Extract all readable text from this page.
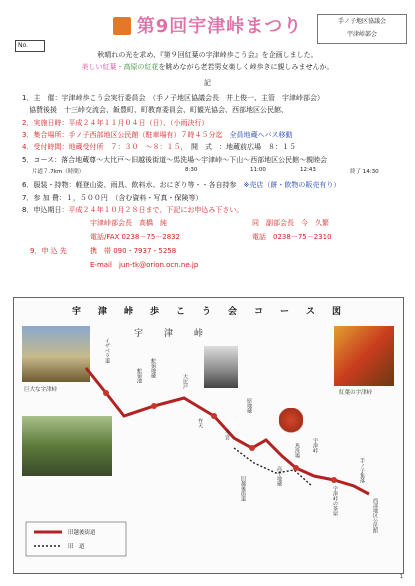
第9回宇津峠まつり	手ノ子地区協議会
宇津峠部会
No.
秋晴れの光を求め、『第９回紅葉の宇津峠歩こう会』を企画しました。
美しい紅葉・高原の紅花を眺めながら老若男女楽しく峠歩きに親しみませんか。
記
1．主　催：宇津峠歩こう会実行委員会　（手ノ子地区協議会長　井上俊一、主管　宇津峠部会）
　協賛後援　十三峠交流会、飯豊町、町教育委員会、町観光協会、西部地区公民館、
2．実施日時：平成２４年１１月０４日（日）、（小雨決行）
3．集合場所：手ノ子西部地区公民館（駐車場有）７時４５分迄　 全員地蔵ヘバス移動
4．受付時間：地蔵受付所　７：３０　～８：１５，　 開　式　：地蔵前広場　８：１５
5．コース：落合地蔵尊～大比戸～旧越後街道～馬洗場～宇津峠～下山～西部地区公民館～親睦会
片道７.7km（時間）	8:30	11:00	12:43	終了 14:30
6．服装・持物：軽登山姿、雨具、飲料水、おにぎり等・・各自持参　 ※売店（餅・飲物の販売有り）
7．参 加 費：１，５００円　（含む資料・写真・保険等）
8．申込期日：平成２４年１０月２８日まで、下記にお申込み下さい。
9．申 込 先
宇津峠部会長　高橋　純
電話/FAX 0238－75－2832
携　帯 090・7937・5258
E-mail　jun-tk@orion.ocn.ne.jp
同　副部会長　今　久繁
電話　0238－75－2310
宇　津　峠　歩　こ　う　会　コ　ー　ス　図
宇　津　峠
巨大な宇津峠	紅葉の宇津峠
旧越後街道
旧　道
イザベラ道
蛇嶺池 蛇嶺地蔵
大比戸
弁天
今宮
原地蔵
高平地蔵
馬洗場 宇津峠
宇津峠の茶屋
手ノ子集落
西部地区公民館
旧越後街道
1
